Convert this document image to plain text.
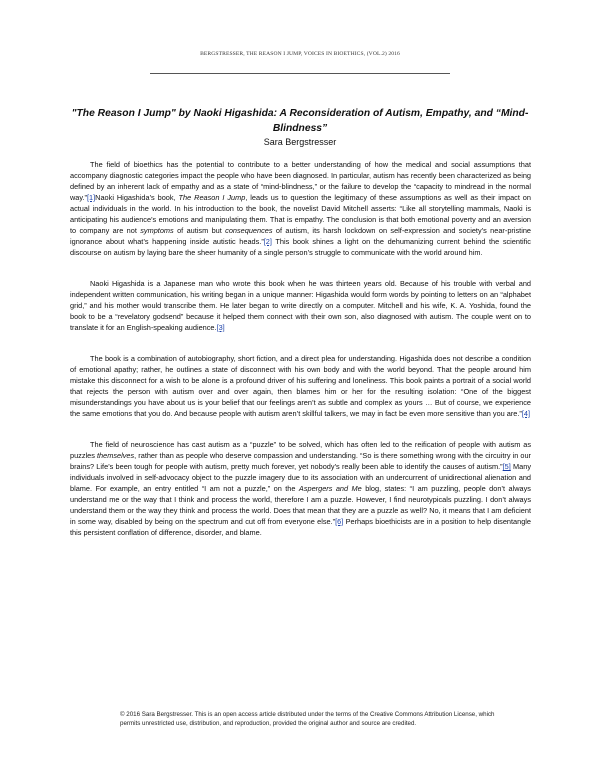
BERGSTRESSER, THE REASON I JUMP, VOICES IN BIOETHICS, (VOL.2) 2016

"The Reason I Jump" by Naoki Higashida: A Reconsideration of Autism, Empathy, and “Mind-Blindness”

Sara Bergstresser

The field of bioethics has the potential to contribute to a better understanding of how the medical and social assumptions that accompany diagnostic categories impact the people who have been diagnosed. In particular, autism has recently been characterized as being defined by an inherent lack of empathy and as a state of “mind-blindness,” or the failure to develop the “capacity to mindread in the normal way.”[1]Naoki Higashida’s book, The Reason I Jump, leads us to question the legitimacy of these assumptions as well as their impact on actual individuals in the world. In his introduction to the book, the novelist David Mitchell asserts: “Like all storytelling mammals, Naoki is anticipating his audience’s emotions and manipulating them. That is empathy. The conclusion is that both emotional poverty and an aversion to company are not symptoms of autism but consequences of autism, its harsh lockdown on self-expression and society’s near-pristine ignorance about what’s happening inside autistic heads.”[2] This book shines a light on the dehumanizing current behind the scientific discourse on autism by laying bare the sheer humanity of a single person’s struggle to communicate with the world around him.

Naoki Higashida is a Japanese man who wrote this book when he was thirteen years old. Because of his trouble with verbal and independent written communication, his writing began in a unique manner: Higashida would form words by pointing to letters on an “alphabet grid,” and his mother would transcribe them. He later began to write directly on a computer. Mitchell and his wife, K. A. Yoshida, found the book to be a “revelatory godsend” because it helped them connect with their own son, also diagnosed with autism. The couple went on to translate it for an English-speaking audience.[3]

The book is a combination of autobiography, short fiction, and a direct plea for understanding. Higashida does not describe a condition of emotional apathy; rather, he outlines a state of disconnect with his own body and with the world beyond. That the people around him mistake this disconnect for a wish to be alone is a profound driver of his suffering and loneliness. This book paints a portrait of a social world that rejects the person with autism over and over again, then blames him or her for the resulting isolation: “One of the biggest misunderstandings you have about us is your belief that our feelings aren’t as subtle and complex as yours … But of course, we experience the same emotions that you do. And because people with autism aren’t skillful talkers, we may in fact be even more sensitive than you are.”[4]

The field of neuroscience has cast autism as a “puzzle” to be solved, which has often led to the reification of people with autism as puzzles themselves, rather than as people who deserve compassion and understanding. “So is there something wrong with the circuitry in our brains? Life’s been tough for people with autism, pretty much forever, yet nobody’s really been able to identify the causes of autism.”[5] Many individuals involved in self-advocacy object to the puzzle imagery due to its association with an undercurrent of unidirectional alienation and blame. For example, an entry entitled “I am not a puzzle,” on the Aspergers and Me blog, states: “I am puzzling, people don’t always understand me or the way that I think and process the world, therefore I am a puzzle. However, I find neurotypicals puzzling. I don’t always understand them or the way they think and process the world. Does that mean that they are a puzzle as well? No, it means that I am deficient in some way, disabled by being on the spectrum and cut off from everyone else.”[6] Perhaps bioethicists are in a position to help disentangle this persistent conflation of difference, disorder, and blame.

© 2016 Sara Bergstresser. This is an open access article distributed under the terms of the Creative Commons Attribution License, which permits unrestricted use, distribution, and reproduction, provided the original author and source are credited.
